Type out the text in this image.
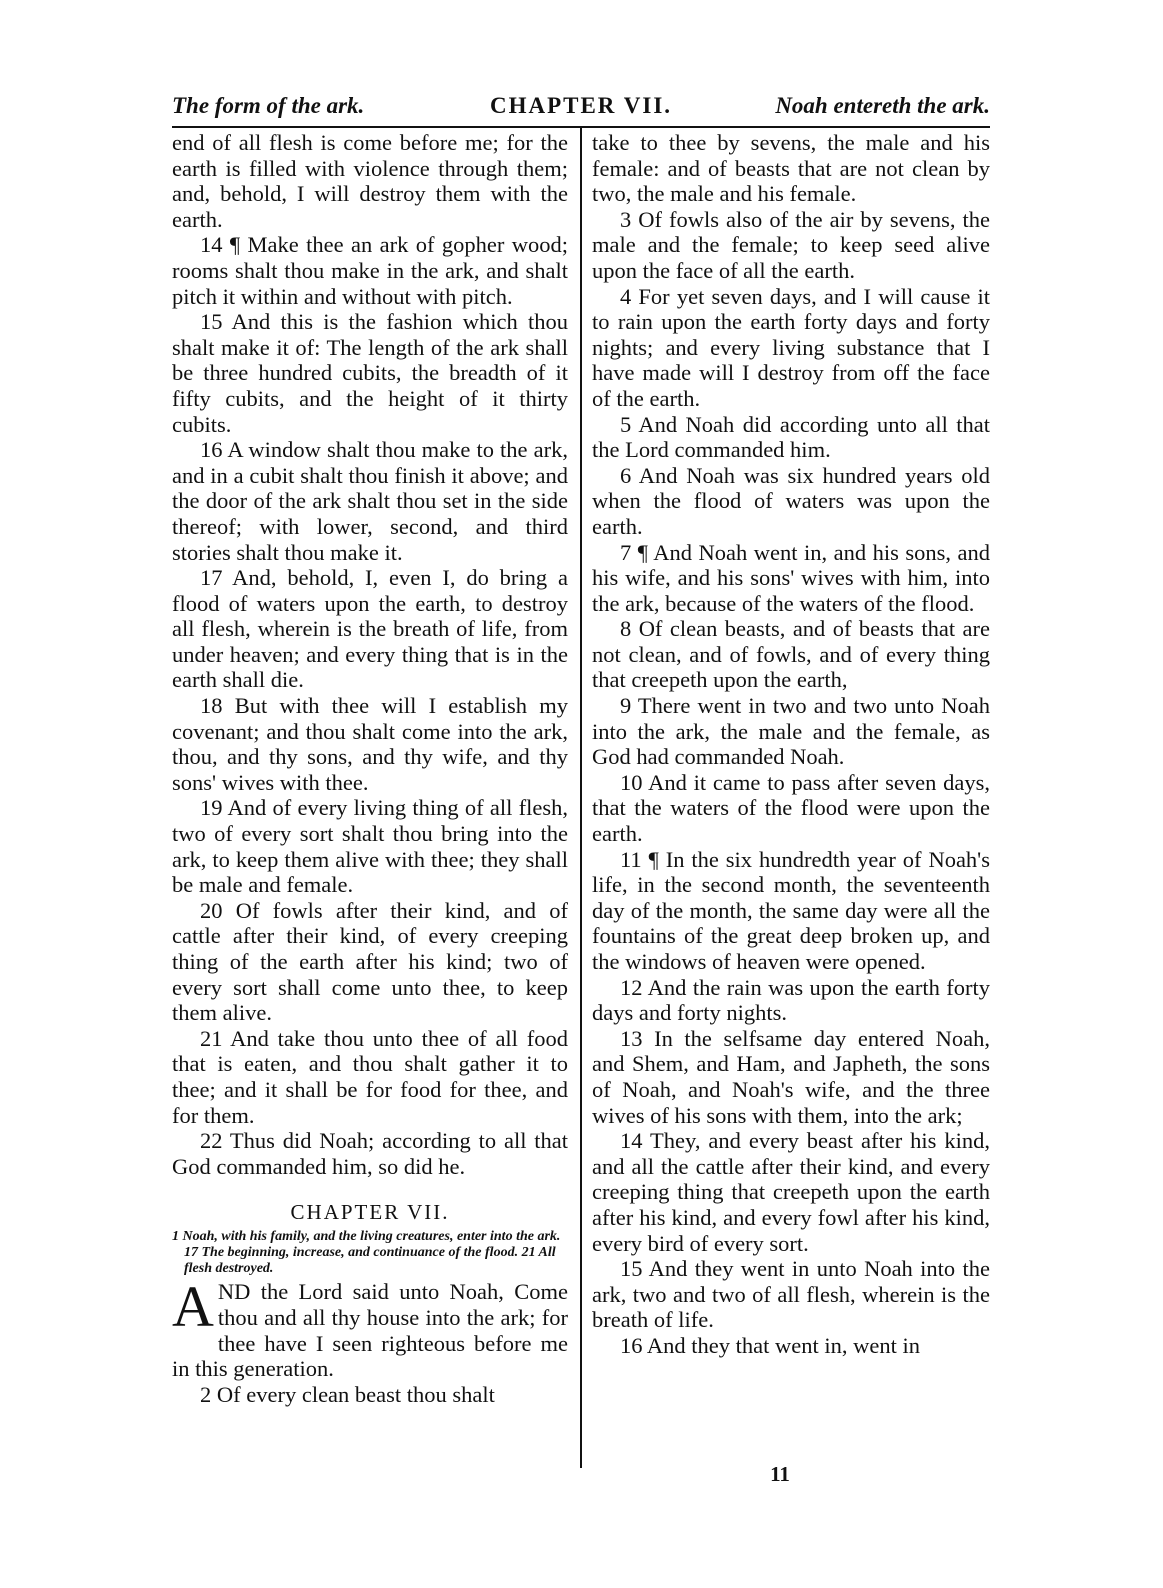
The form of the ark.	CHAPTER VII.	Noah entereth the ark.

end of all flesh is come before me; for the earth is filled with violence through them; and, behold, I will destroy them with the earth.

14 ¶ Make thee an ark of gopher wood; rooms shalt thou make in the ark, and shalt pitch it within and without with pitch.

15 And this is the fashion which thou shalt make it of: The length of the ark shall be three hundred cubits, the breadth of it fifty cubits, and the height of it thirty cubits.

16 A window shalt thou make to the ark, and in a cubit shalt thou finish it above; and the door of the ark shalt thou set in the side thereof; with lower, second, and third stories shalt thou make it.

17 And, behold, I, even I, do bring a flood of waters upon the earth, to destroy all flesh, wherein is the breath of life, from under heaven; and every thing that is in the earth shall die.

18 But with thee will I establish my covenant; and thou shalt come into the ark, thou, and thy sons, and thy wife, and thy sons' wives with thee.

19 And of every living thing of all flesh, two of every sort shalt thou bring into the ark, to keep them alive with thee; they shall be male and female.

20 Of fowls after their kind, and of cattle after their kind, of every creeping thing of the earth after his kind; two of every sort shall come unto thee, to keep them alive.

21 And take thou unto thee of all food that is eaten, and thou shalt gather it to thee; and it shall be for food for thee, and for them.

22 Thus did Noah; according to all that God commanded him, so did he.

CHAPTER VII.
1 Noah, with his family, and the living creatures, enter into the ark. 17 The beginning, increase, and continuance of the flood. 21 All flesh destroyed.

AND the Lord said unto Noah, Come thou and all thy house into the ark; for thee have I seen righteous before me in this generation.

2 Of every clean beast thou shalt

take to thee by sevens, the male and his female: and of beasts that are not clean by two, the male and his female.

3 Of fowls also of the air by sevens, the male and the female; to keep seed alive upon the face of all the earth.

4 For yet seven days, and I will cause it to rain upon the earth forty days and forty nights; and every living substance that I have made will I destroy from off the face of the earth.

5 And Noah did according unto all that the Lord commanded him.

6 And Noah was six hundred years old when the flood of waters was upon the earth.

7 ¶ And Noah went in, and his sons, and his wife, and his sons' wives with him, into the ark, because of the waters of the flood.

8 Of clean beasts, and of beasts that are not clean, and of fowls, and of every thing that creepeth upon the earth,

9 There went in two and two unto Noah into the ark, the male and the female, as God had commanded Noah.

10 And it came to pass after seven days, that the waters of the flood were upon the earth.

11 ¶ In the six hundredth year of Noah's life, in the second month, the seventeenth day of the month, the same day were all the fountains of the great deep broken up, and the windows of heaven were opened.

12 And the rain was upon the earth forty days and forty nights.

13 In the selfsame day entered Noah, and Shem, and Ham, and Japheth, the sons of Noah, and Noah's wife, and the three wives of his sons with them, into the ark;

14 They, and every beast after his kind, and all the cattle after their kind, and every creeping thing that creepeth upon the earth after his kind, and every fowl after his kind, every bird of every sort.

15 And they went in unto Noah into the ark, two and two of all flesh, wherein is the breath of life.

16 And they that went in, went in

11
